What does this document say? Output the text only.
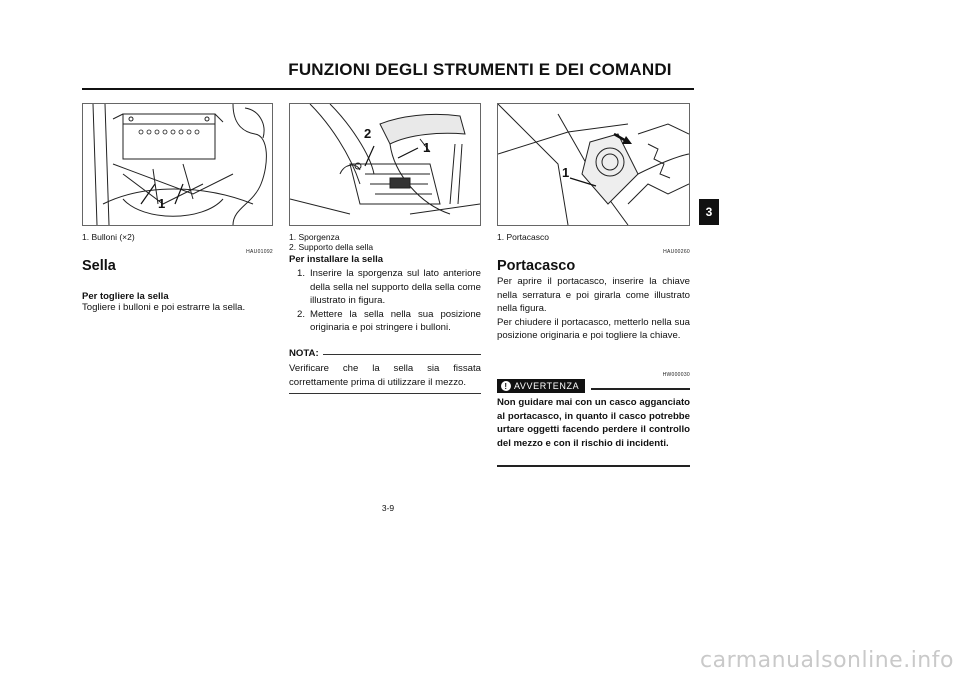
FUNZIONI DEGLI STRUMENTI E DEI COMANDI
3
1
1. Bulloni (×2)
HAU01092
Sella
Per togliere la sella
Togliere i bulloni e poi estrarre la sella.
2
1
1. Sporgenza
2. Supporto della sella
Per installare la sella
1. Inserire la sporgenza sul lato anteriore della sella nel supporto della sella come illustrato in figura.
2. Mettere la sella nella sua posizione originaria e poi stringere i bulloni.
NOTA:
Verificare che la sella sia fissata correttamente prima di utilizzare il mezzo.
1
1. Portacasco
HAU00260
Portacasco
Per aprire il portacasco, inserire la chiave nella serratura e poi girarla come illustrato nella figura.
Per chiudere il portacasco, metterlo nella sua posizione originaria e poi togliere la chiave.
HW000030
! AVVERTENZA
Non guidare mai con un casco agganciato al portacasco, in quanto il casco potrebbe urtare oggetti facendo perdere il controllo del mezzo e con il rischio di incidenti.
3-9
carmanualsonline.info
